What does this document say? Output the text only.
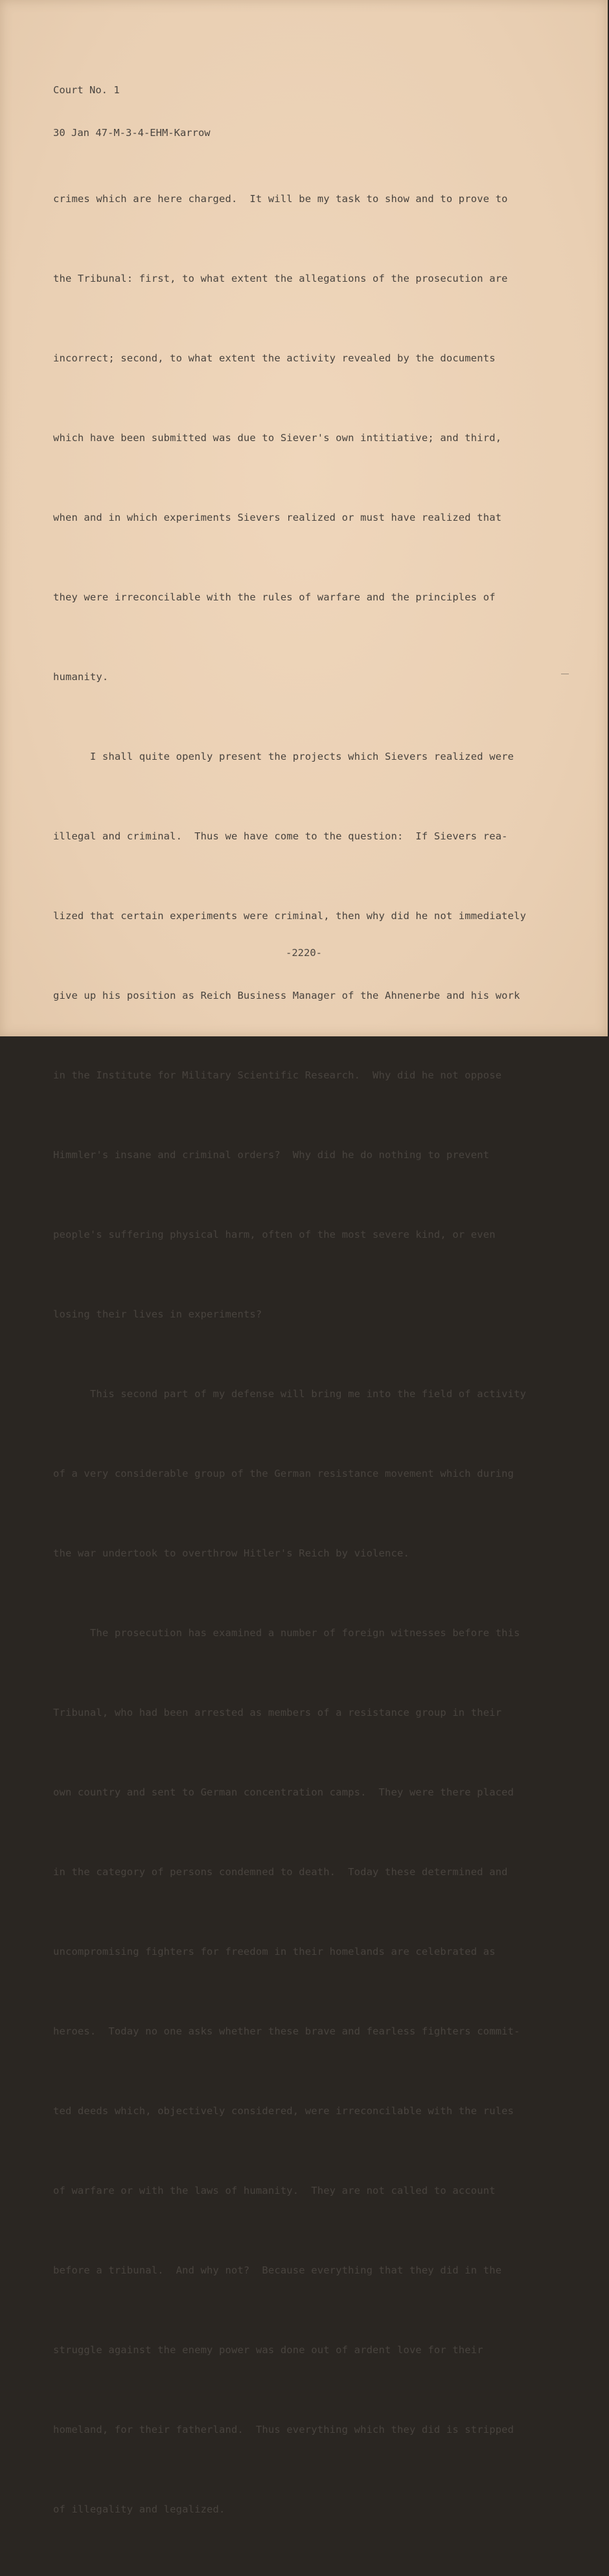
Court No. 1

30 Jan 47-M-3-4-EHM-Karrow

crimes which are here charged.  It will be my task to show and to prove to

the Tribunal: first, to what extent the allegations of the prosecution are

incorrect; second, to what extent the activity revealed by the documents

which have been submitted was due to Siever's own intitiative; and third,

when and in which experiments Sievers realized or must have realized that

they were irreconcilable with the rules of warfare and the principles of

humanity.

I shall quite openly present the projects which Sievers realized were

illegal and criminal.  Thus we have come to the question:  If Sievers rea-

lized that certain experiments were criminal, then why did he not immediately

give up his position as Reich Business Manager of the Ahnenerbe and his work

in the Institute for Military Scientific Research.  Why did he not oppose

Himmler's insane and criminal orders?  Why did he do nothing to prevent

people's suffering physical harm, often of the most severe kind, or even

losing their lives in experiments?

This second part of my defense will bring me into the field of activity

of a very considerable group of the German resistance movement which during

the war undertook to overthrow Hitler's Reich by violence.

The prosecution has examined a number of foreign witnesses before this

Tribunal, who had been arrested as members of a resistance group in their

own country and sent to German concentration camps.  They were there placed

in the category of persons condemned to death.  Today these determined and

uncompromising fighters for freedom in their homelands are celebrated as

heroes.  Today no one asks whether these brave and fearless fighters commit-

ted deeds which, objectively considered, were irreconcilable with the rules

of warfare or with the laws of humanity.  They are not called to account

before a tribunal.  And why not?  Because everything that they did in the

struggle against the enemy power was done out of ardent love for their

homeland, for their fatherland.  Thus everything which they did is stripped

of illegality and legalized.

-2220-
